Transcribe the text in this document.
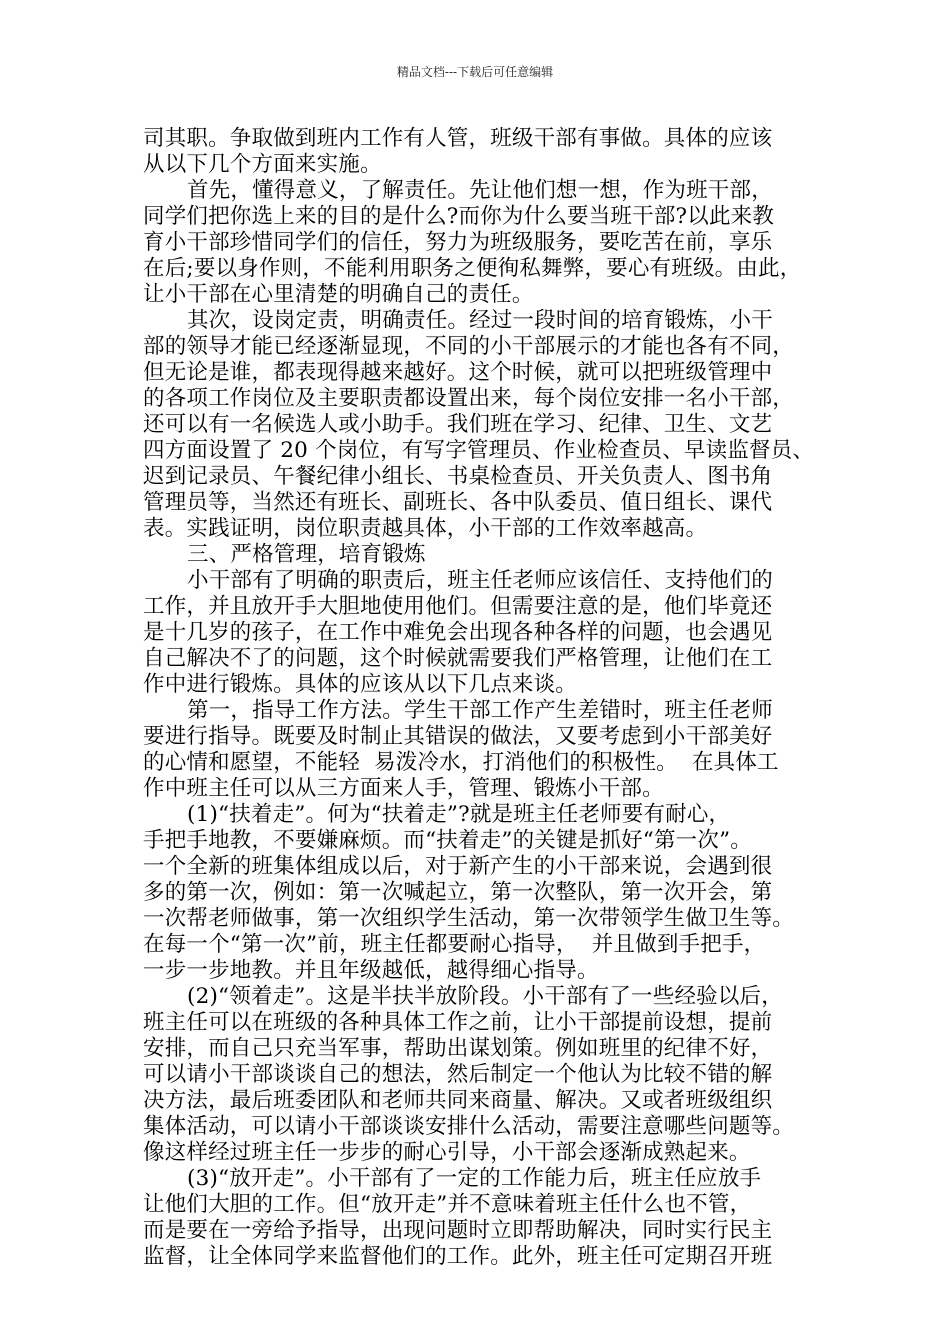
精品文档---下载后可任意编辑
司其职。争取做到班内工作有人管，班级干部有事做。具体的应该
从以下几个方面来实施。
首先，懂得意义，了解责任。先让他们想一想，作为班干部，
同学们把你选上来的目的是什么?而你为什么要当班干部?以此来教
育小干部珍惜同学们的信任，努力为班级服务，要吃苦在前，享乐
在后;要以身作则，不能利用职务之便徇私舞弊，要心有班级。由此，
让小干部在心里清楚的明确自己的责任。
其次，设岗定责，明确责任。经过一段时间的培育锻炼，小干
部的领导才能已经逐渐显现，不同的小干部展示的才能也各有不同，
但无论是谁，都表现得越来越好。这个时候，就可以把班级管理中
的各项工作岗位及主要职责都设置出来，每个岗位安排一名小干部，
还可以有一名候选人或小助手。我们班在学习、纪律、卫生、文艺
四方面设置了 20 个岗位，有写字管理员、作业检查员、早读监督员、
迟到记录员、午餐纪律小组长、书桌检查员、开关负责人、图书角
管理员等，当然还有班长、副班长、各中队委员、值日组长、课代
表。实践证明，岗位职责越具体，小干部的工作效率越高。
三、严格管理，培育锻炼
小干部有了明确的职责后，班主任老师应该信任、支持他们的
工作，并且放开手大胆地使用他们。但需要注意的是，他们毕竟还
是十几岁的孩子，在工作中难免会出现各种各样的问题，也会遇见
自己解决不了的问题，这个时候就需要我们严格管理，让他们在工
作中进行锻炼。具体的应该从以下几点来谈。
第一，指导工作方法。学生干部工作产生差错时，班主任老师
要进行指导。既要及时制止其错误的做法，又要考虑到小干部美好
的心情和愿望，不能轻  易泼冷水，打消他们的积极性。  在具体工
作中班主任可以从三方面来人手，管理、锻炼小干部。
(1)“扶着走”。何为“扶着走”?就是班主任老师要有耐心，
手把手地教，不要嫌麻烦。而“扶着走”的关键是抓好“第一次”。
一个全新的班集体组成以后，对于新产生的小干部来说，会遇到很
多的第一次，例如：第一次喊起立，第一次整队，第一次开会，第
一次帮老师做事，第一次组织学生活动，第一次带领学生做卫生等。
在每一个“第一次”前，班主任都要耐心指导，  并且做到手把手，
一步一步地教。并且年级越低，越得细心指导。
(2)“领着走”。这是半扶半放阶段。小干部有了一些经验以后，
班主任可以在班级的各种具体工作之前，让小干部提前设想，提前
安排，而自己只充当军事，帮助出谋划策。例如班里的纪律不好，
可以请小干部谈谈自己的想法，然后制定一个他认为比较不错的解
决方法，最后班委团队和老师共同来商量、解决。又或者班级组织
集体活动，可以请小干部谈谈安排什么活动，需要注意哪些问题等。
像这样经过班主任一步步的耐心引导，小干部会逐渐成熟起来。
(3)“放开走”。小干部有了一定的工作能力后，班主任应放手
让他们大胆的工作。但“放开走”并不意味着班主任什么也不管，
而是要在一旁给予指导，出现问题时立即帮助解决，同时实行民主
监督，让全体同学来监督他们的工作。此外，班主任可定期召开班
